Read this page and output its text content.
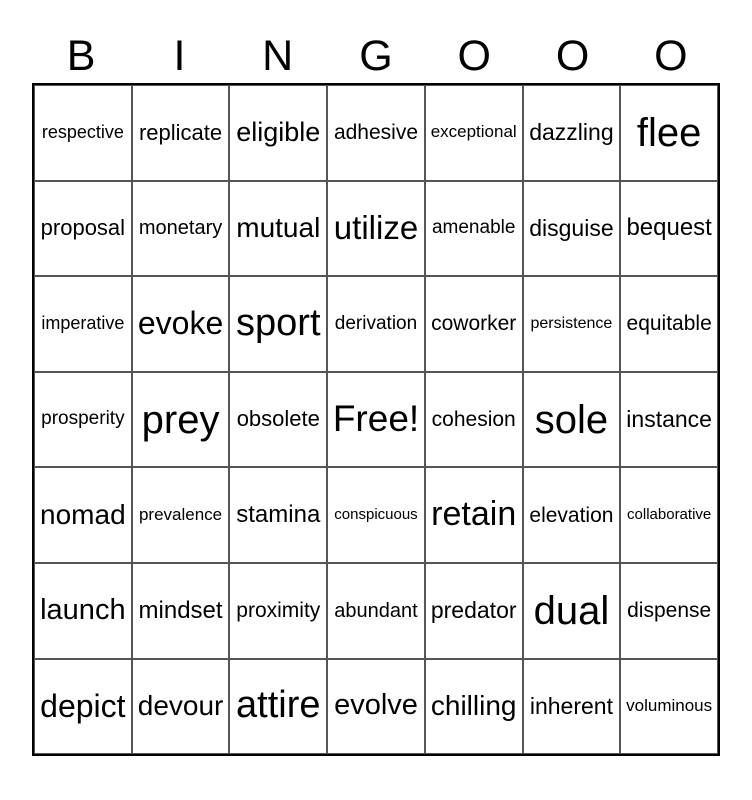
B	I	N	G	O	O	O
respective replicate eligible adhesive exceptional dazzling flee
proposal monetary mutual utilize amenable disguise bequest
imperative evoke sport derivation coworker persistence equitable
prosperity prey obsolete Free! cohesion sole instance
nomad prevalence stamina conspicuous retain elevation collaborative
launch mindset proximity abundant predator dual dispense
depict devour attire evolve chilling inherent voluminous
